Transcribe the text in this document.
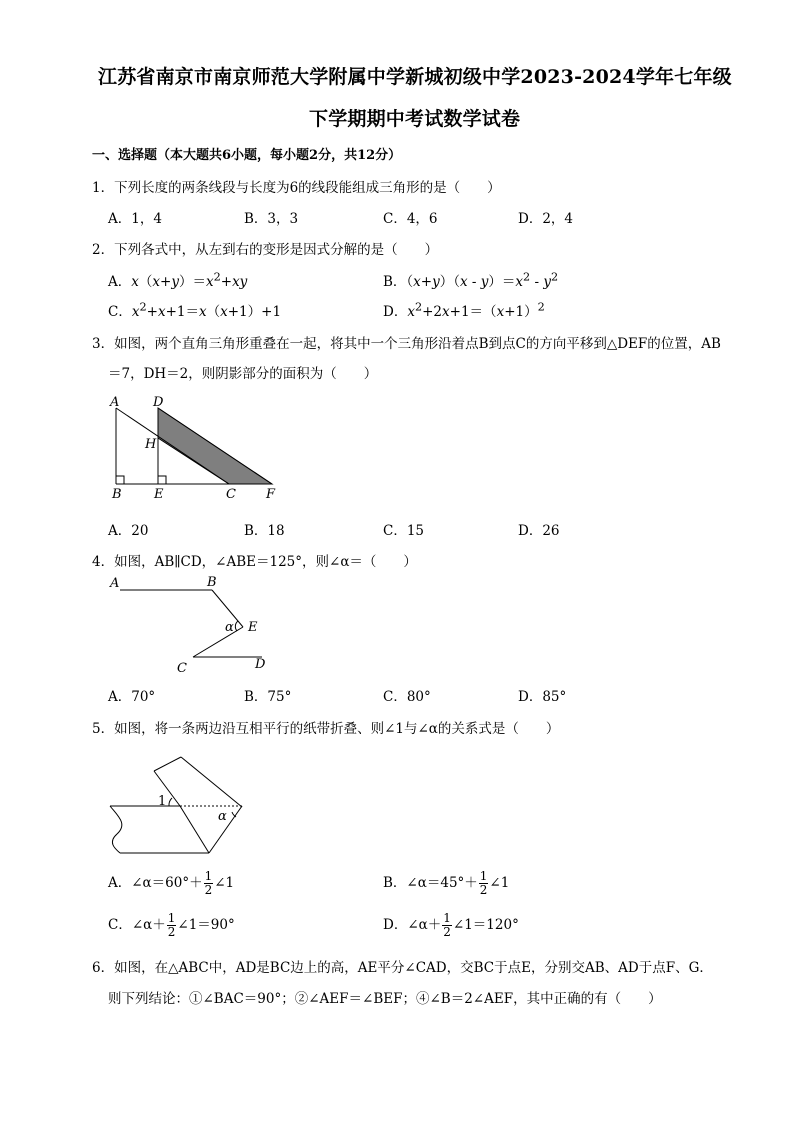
江苏省南京市南京师范大学附属中学新城初级中学2023-2024学年七年级
下学期期中考试数学试卷
一、选择题（本大题共6小题，每小题2分，共12分）
1．下列长度的两条线段与长度为6的线段能组成三角形的是（　　）
A．1，4	B．3，3	C．4，6	D．2，4
2．下列各式中，从左到右的变形是因式分解的是（　　）
A．$x(x+y)=x^2+xy$	B．$(x+y)(x - y)=x^2 - y^2$
C．$x^2+x+1=x(x+1)+1$	D．$x^2+2x+1=(x+1)^2$
3．如图，两个直角三角形重叠在一起，将其中一个三角形沿着点B到点C的方向平移到△DEF的位置，AB
＝7，DH＝2，则阴影部分的面积为（　　）
A	D
H
B E	C F
A．20	B．18	C．15	D．26
4．如图，AB∥CD，∠ABE＝125°，则∠α＝（　　）
A	B
E
α
C	D
A．70°	B．75°	C．80°	D．85°
5．如图，将一条两边沿互相平行的纸带折叠、则∠1与∠α的关系式是（　　）
1
α
A．∠α＝60°＋ $\frac{1}{2}$ ∠1	B．∠α＝45°＋ $\frac{1}{2}$ ∠1
C．∠α＋ $\frac{1}{2}$ ∠1＝90°	D．∠α＋ $\frac{1}{2}$ ∠1＝120°
6．如图，在△ABC中，AD是BC边上的高，AE平分∠CAD，交BC于点E，分别交AB、AD于点F、G．
则下列结论：①∠BAC＝90°；②∠AEF＝∠BEF；④∠B＝2∠AEF，其中正确的有（　　）
